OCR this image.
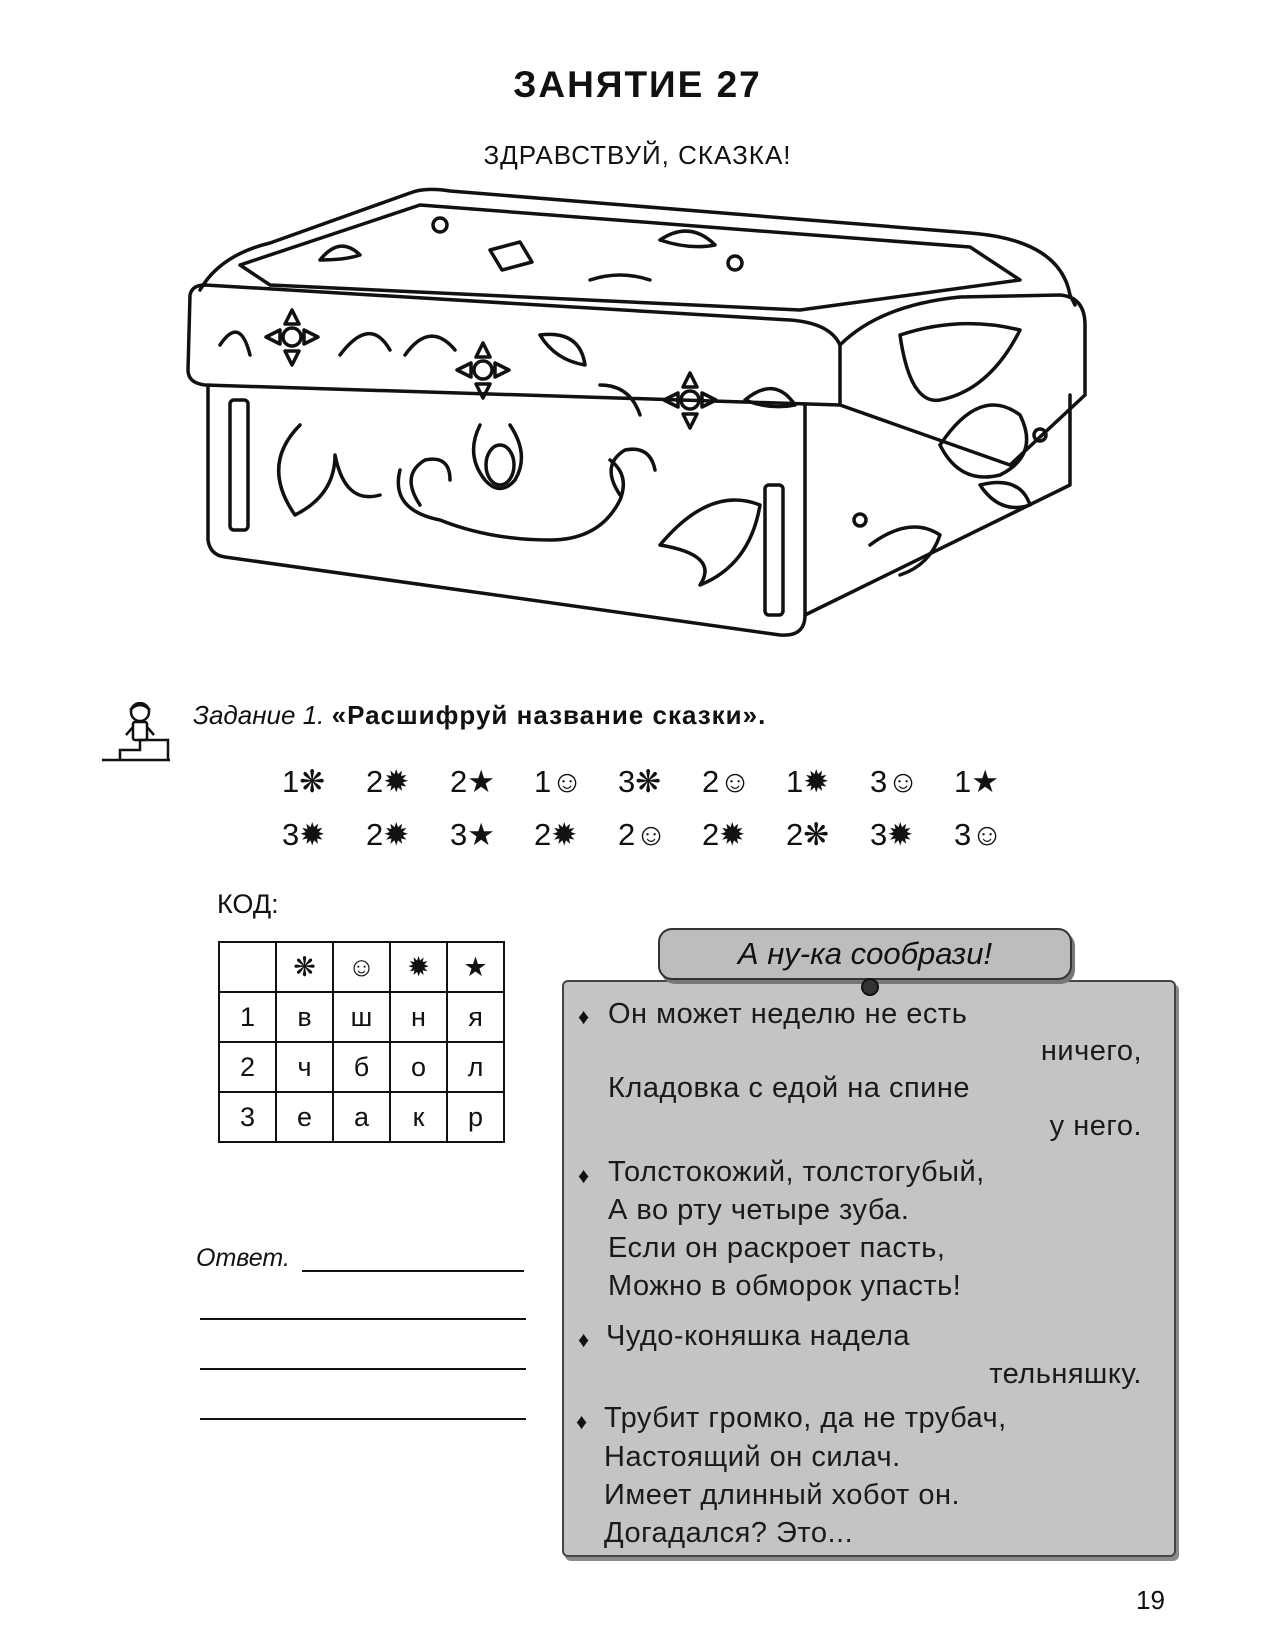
ЗАНЯТИЕ 27
ЗДРАВСТВУЙ, СКАЗКА!
Задание 1. «Расшифруй название сказки».
1❋	2✹	2★	1☺	3❋	2☺	1✹	3☺	1★
3✹	2✹	3★	2✹	2☺	2✹	2❋	3✹	3☺
КОД:
	❋	☺	✹	★
1	в	ш	н	я
2	ч	б	о	л
3	е	а	к	р
Ответ.
А ну-ка сообрази!
♦ Он может неделю не есть
ничего,
Кладовка с едой на спине
у него.
♦ Толстокожий, толстогубый,
А во рту четыре зуба.
Если он раскроет пасть,
Можно в обморок упасть!
♦ Чудо-коняшка надела
тельняшку.
♦ Трубит громко, да не трубач,
Настоящий он силач.
Имеет длинный хобот он.
Догадался? Это...
19
